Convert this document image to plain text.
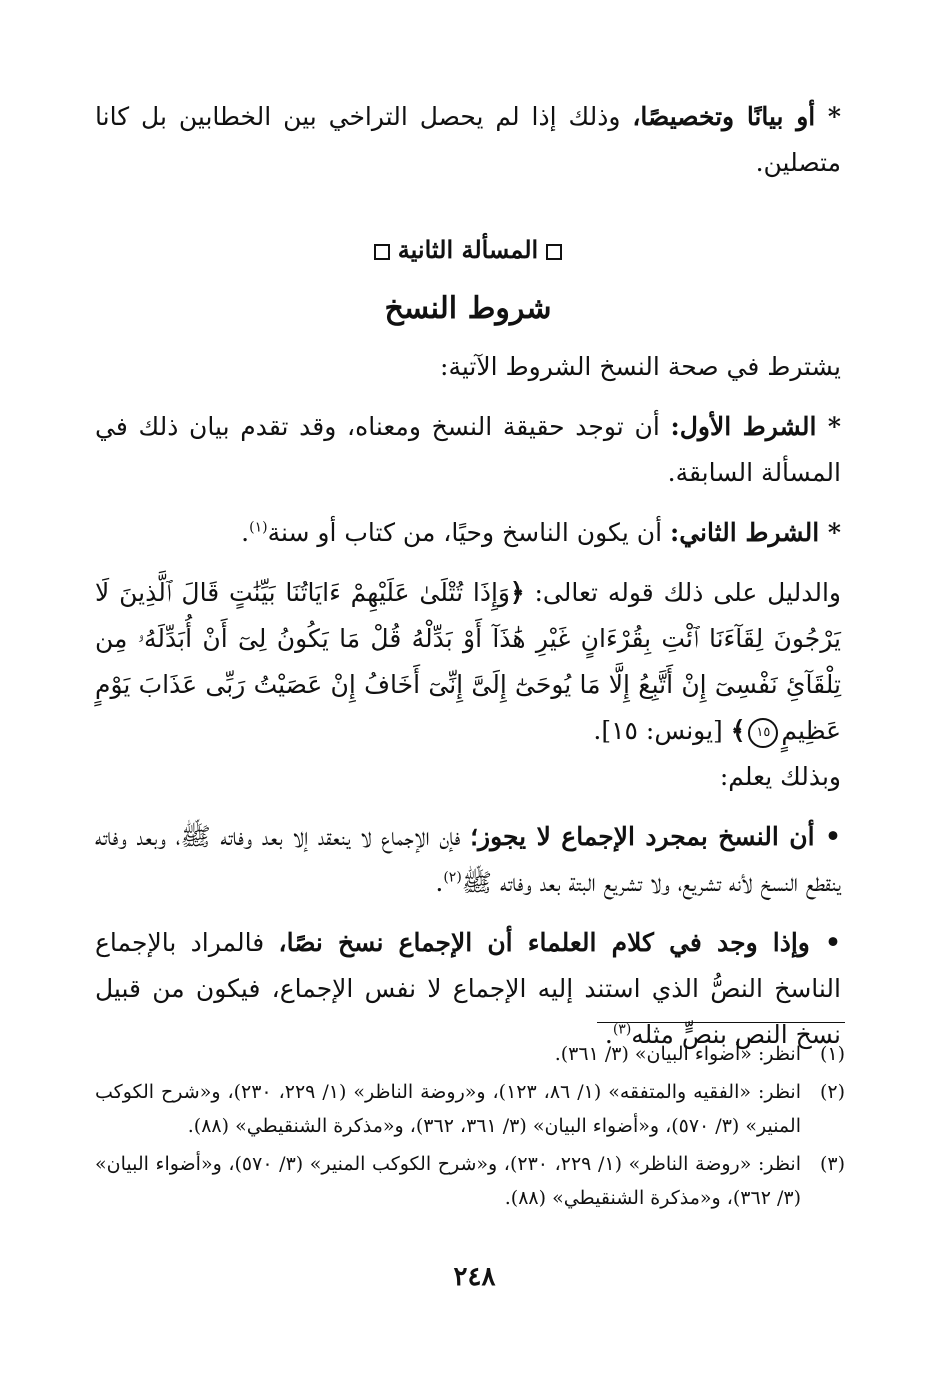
* أو بيانًا وتخصيصًا، وذلك إذا لم يحصل التراخي بين الخطابين بل كانا متصلين.

المسألة الثانية
شروط النسخ

يشترط في صحة النسخ الشروط الآتية:

* الشرط الأول: أن توجد حقيقة النسخ ومعناه، وقد تقدم بيان ذلك في المسألة السابقة.

* الشرط الثاني: أن يكون الناسخ وحيًا، من كتاب أو سنة$^{(١)}$.

والدليل على ذلك قوله تعالى: ﴿وَإِذَا تُتْلَىٰ عَلَيْهِمْ ءَايَاتُنَا بَيِّنَٰتٍ قَالَ ٱلَّذِينَ لَا يَرْجُونَ لِقَآءَنَا ٱئْتِ بِقُرْءَانٍ غَيْرِ هَٰذَآ أَوْ بَدِّلْهُ قُلْ مَا يَكُونُ لِىٓ أَنْ أُبَدِّلَهُۥ مِن تِلْقَآئِ نَفْسِىٓ إِنْ أَتَّبِعُ إِلَّا مَا يُوحَىٰٓ إِلَىَّ إِنِّىٓ أَخَافُ إِنْ عَصَيْتُ رَبِّى عَذَابَ يَوْمٍ عَظِيمٍ١٥﴾ [يونس: ١٥].

وبذلك يعلم:

• أن النسخ بمجرد الإجماع لا يجوز؛ فإن الإجماع لا ينعقد إلا بعد وفاته ﷺ، وبعد وفاته ينقطع النسخ لأنه تشريع، ولا تشريع البتة بعد وفاته ﷺ$^{(٢)}$.

• وإذا وجد في كلام العلماء أن الإجماع نسخ نصًا، فالمراد بالإجماع الناسخ النصُّ الذي استند إليه الإجماع لا نفس الإجماع، فيكون من قبيل نسخ النص بنصٍّ مثله$^{(٣)}$.

(١)
انظر: «أضواء البيان» (٣/ ٣٦١).
(٢)
انظر: «الفقيه والمتفقه» (١/ ٨٦، ١٢٣)، و«روضة الناظر» (١/ ٢٢٩، ٢٣٠)، و«شرح الكوكب المنير» (٣/ ٥٧٠)، و«أضواء البيان» (٣/ ٣٦١، ٣٦٢)، و«مذكرة الشنقيطي» (٨٨).
(٣)
انظر: «روضة الناظر» (١/ ٢٢٩، ٢٣٠)، و«شرح الكوكب المنير» (٣/ ٥٧٠)، و«أضواء البيان» (٣/ ٣٦٢)، و«مذكرة الشنقيطي» (٨٨).
٢٤٨
